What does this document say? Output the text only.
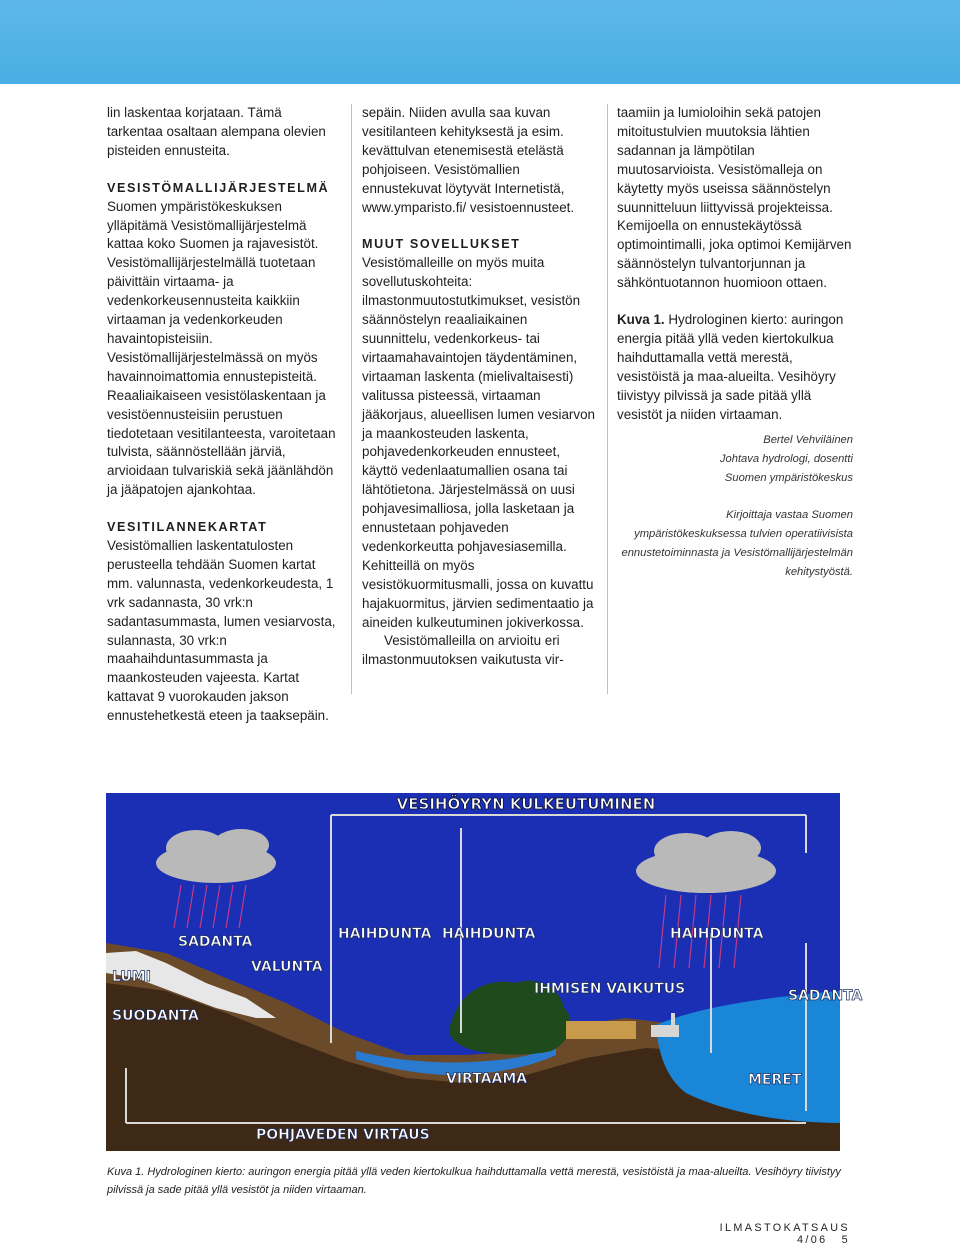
lin laskentaa korjataan. Tämä tarkentaa osaltaan alempana olevien pisteiden ennusteita.

VESISTÖMALLIJÄRJESTELMÄ

Suomen ympäristökeskuksen ylläpitämä Vesistömallijärjestelmä kattaa koko Suomen ja rajavesistöt. Vesistömallijärjestelmällä tuotetaan päivittäin virtaama- ja vedenkorkeusennusteita kaikkiin virtaaman ja vedenkorkeuden havaintopisteisiin. Vesistömallijärjestelmässä on myös havainnoimattomia ennustepisteitä. Reaaliaikaiseen vesistölaskentaan ja vesistöennusteisiin perustuen tiedotetaan vesitilanteesta, varoitetaan tulvista, säännöstellään järviä, arvioidaan tulvariskiä sekä jäänlähdön ja jääpatojen ajankohtaa.

VESITILANNEKARTAT

Vesistömallien laskentatulosten perusteella tehdään Suomen kartat mm. valunnasta, vedenkorkeudesta, 1 vrk sadannasta, 30 vrk:n sadantasummasta, lumen vesiarvosta, sulannasta, 30 vrk:n maahaihduntasummasta ja maankosteuden vajeesta. Kartat kattavat 9 vuorokauden jakson ennustehetkestä eteen ja taaksepäin.

sepäin. Niiden avulla saa kuvan vesitilanteen kehityksestä ja esim. kevättulvan etenemisestä etelästä pohjoiseen. Vesistömallien ennustekuvat löytyvät Internetistä, www.ymparisto.fi/ vesistoennusteet.

MUUT SOVELLUKSET

Vesistömalleille on myös muita sovellutuskohteita: ilmastonmuutostutkimukset, vesistön säännöstelyn reaaliaikainen suunnittelu, vedenkorkeus- tai virtaamahavaintojen täydentäminen, virtaaman laskenta (mielivaltaisesti) valitussa pisteessä, virtaaman jääkorjaus, alueellisen lumen vesiarvon ja maankosteuden laskenta, pohjavedenkorkeuden ennusteet, käyttö vedenlaatumallien osana tai lähtötietona. Järjestelmässä on uusi pohjavesimalliosa, jolla lasketaan ja ennustetaan pohjaveden vedenkorkeutta pohjavesiasemilla. Kehitteillä on myös vesistökuormitusmalli, jossa on kuvattu hajakuormitus, järvien sedimentaatio ja aineiden kulkeutuminen jokiverkossa.

Vesistömalleilla on arvioitu eri ilmastonmuutoksen vaikutusta vir-

taamiin ja lumioloihin sekä patojen mitoitustulvien muutoksia lähtien sadannan ja lämpötilan muutosarvioista. Vesistömalleja on käytetty myös useissa säännöstelyn suunnitteluun liittyvissä projekteissa. Kemijoella on ennustekäytössä optimointimalli, joka optimoi Kemijärven säännöstelyn tulvantorjunnan ja sähköntuotannon huomioon ottaen.

Kuva 1. Hydrologinen kierto: auringon energia pitää yllä veden kiertokulkua haihduttamalla vettä merestä, vesistöistä ja maa-alueilta. Vesihöyry tiivistyy pilvissä ja sade pitää yllä vesistöt ja niiden virtaaman.

Bertel Vehviläinen
Johtava hydrologi, dosentti
Suomen ympäristökeskus
Kirjoittaja vastaa Suomen ympäristökeskuksessa tulvien operatiivisista ennustetoiminnasta ja Vesistömallijärjestelmän kehitystyöstä.
VESIHÖYRYN KULKEUTUMINEN
SADANTA
VALUNTA
LUMI
SUODANTA
HAIHDUNTA HAIHDUNTA	HAIHDUNTA
IHMISEN VAIKUTUS	SADANTA
VIRTAAMA	MERET
POHJAVEDEN VIRTAUS
Kuva 1. Hydrologinen kierto: auringon energia pitää yllä veden kiertokulkua haihduttamalla vettä merestä, vesistöistä ja maa-alueilta. Vesihöyry tiivistyy pilvissä ja sade pitää yllä vesistöt ja niiden virtaaman.
ILMASTOKATSAUS 4/06 5
